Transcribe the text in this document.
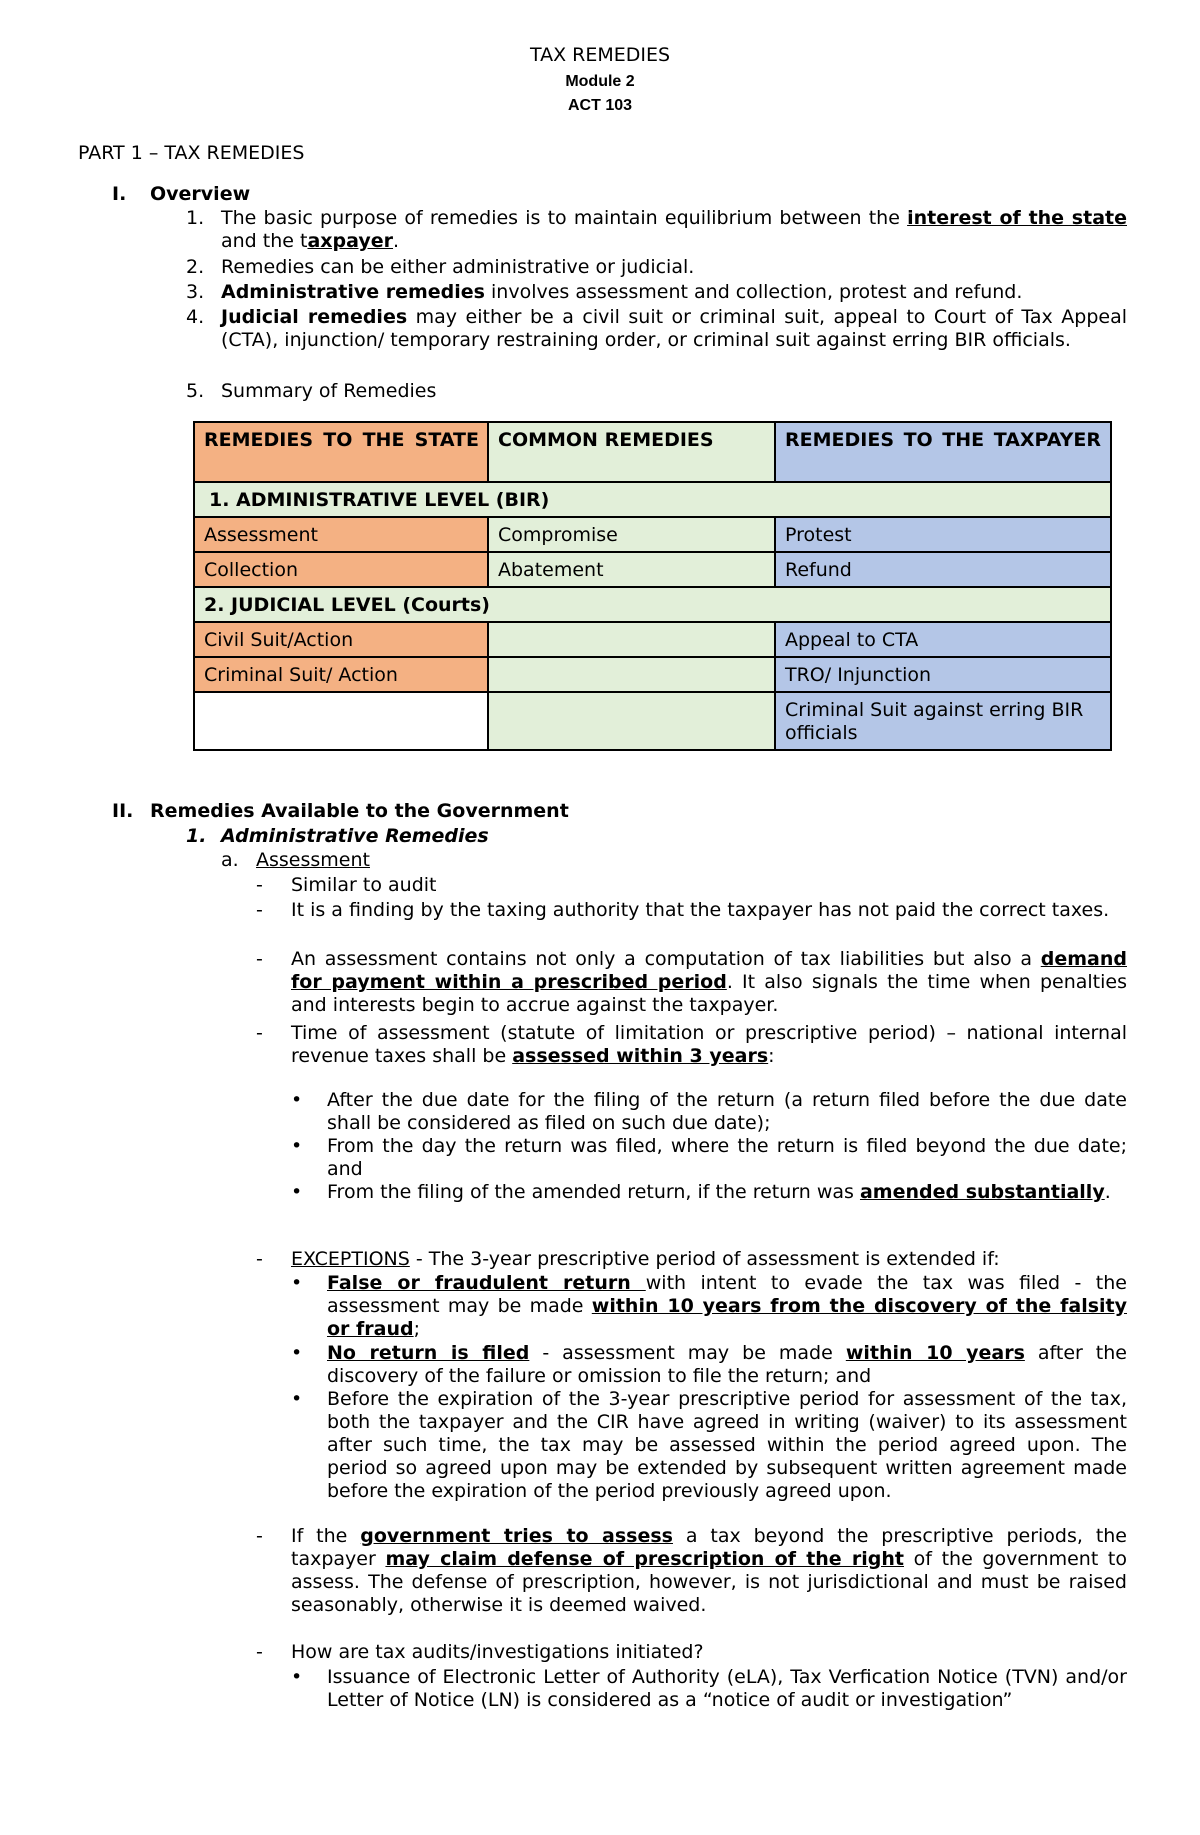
TAX REMEDIES
Module 2
ACT 103
PART 1 – TAX REMEDIES
I. Overview
1. The basic purpose of remedies is to maintain equilibrium between the interest of the state and the taxpayer.
2. Remedies can be either administrative or judicial.
3. Administrative remedies involves assessment and collection, protest and refund.
4. Judicial remedies may either be a civil suit or criminal suit, appeal to Court of Tax Appeal (CTA), injunction/ temporary restraining order, or criminal suit against erring BIR officials.
5. Summary of Remedies
REMEDIES TO THE STATE	COMMON REMEDIES	REMEDIES TO THE TAXPAYER

1. ADMINISTRATIVE LEVEL (BIR)		
Assessment	Compromise	Protest
Collection	Abatement	Refund
2. JUDICIAL LEVEL (Courts)		
Civil Suit/Action		Appeal to CTA
Criminal Suit/ Action		TRO/ Injunction
		Criminal Suit against erring BIR officials
II. Remedies Available to the Government
1. Administrative Remedies
a. Assessment
- Similar to audit
- It is a finding by the taxing authority that the taxpayer has not paid the correct taxes.
- An assessment contains not only a computation of tax liabilities but also a demand for payment within a prescribed period. It also signals the time when penalties and interests begin to accrue against the taxpayer.
- Time of assessment (statute of limitation or prescriptive period) – national internal revenue taxes shall be assessed within 3 years:
• After the due date for the filing of the return (a return filed before the due date shall be considered as filed on such due date);
• From the day the return was filed, where the return is filed beyond the due date; and
• From the filing of the amended return, if the return was amended substantially.
- EXCEPTIONS - The 3-year prescriptive period of assessment is extended if:
• False or fraudulent return with intent to evade the tax was filed - the assessment may be made within 10 years from the discovery of the falsity or fraud;
• No return is filed - assessment may be made within 10 years after the discovery of the failure or omission to file the return; and
• Before the expiration of the 3-year prescriptive period for assessment of the tax, both the taxpayer and the CIR have agreed in writing (waiver) to its assessment after such time, the tax may be assessed within the period agreed upon. The period so agreed upon may be extended by subsequent written agreement made before the expiration of the period previously agreed upon.
- If the government tries to assess a tax beyond the prescriptive periods, the taxpayer may claim defense of prescription of the right of the government to assess. The defense of prescription, however, is not jurisdictional and must be raised seasonably, otherwise it is deemed waived.
- How are tax audits/investigations initiated?
• Issuance of Electronic Letter of Authority (eLA), Tax Verfication Notice (TVN) and/or Letter of Notice (LN) is considered as a “notice of audit or investigation”
